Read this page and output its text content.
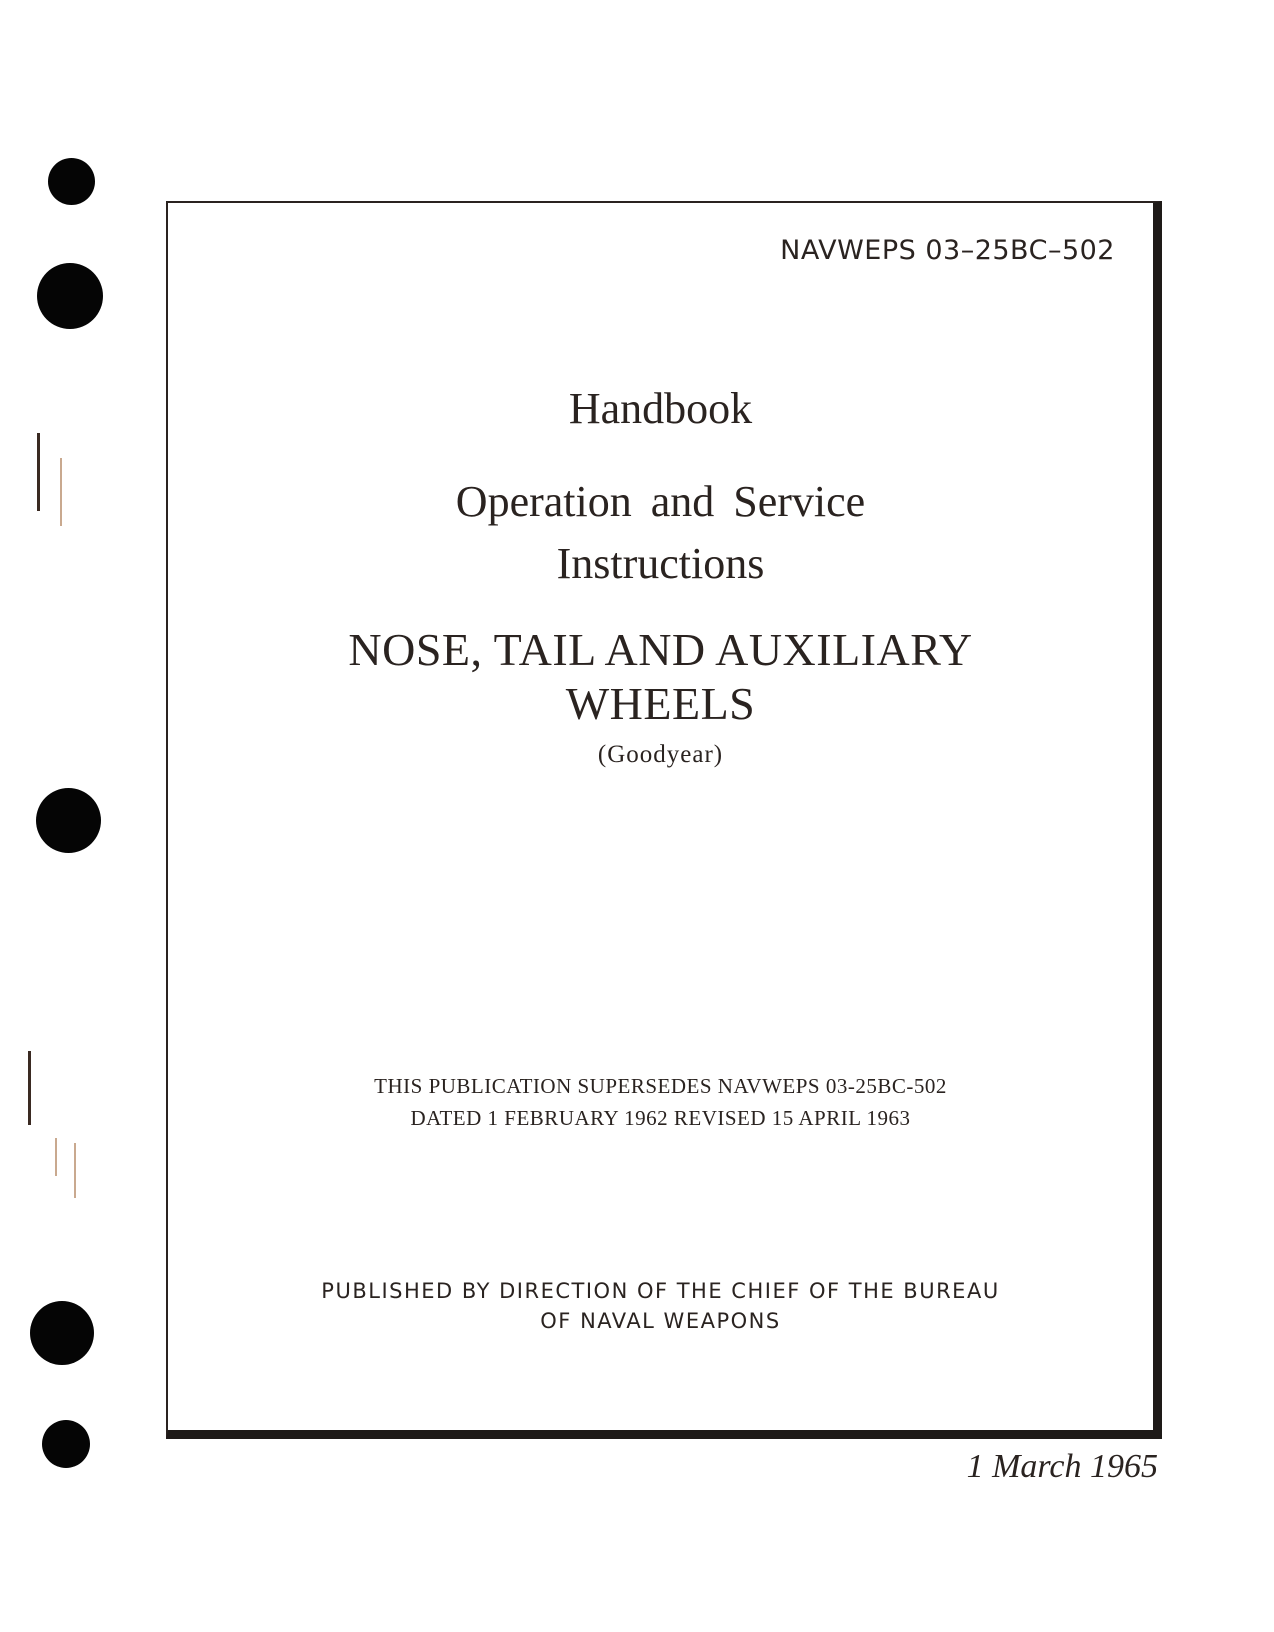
NAVWEPS 03–25BC–502
Handbook
Operation and Service
Instructions
NOSE, TAIL AND AUXILIARY
WHEELS
(Goodyear)
THIS PUBLICATION SUPERSEDES NAVWEPS 03-25BC-502
DATED 1 FEBRUARY 1962 REVISED 15 APRIL 1963
PUBLISHED BY DIRECTION OF THE CHIEF OF THE BUREAU
OF NAVAL WEAPONS
1 March 1965
